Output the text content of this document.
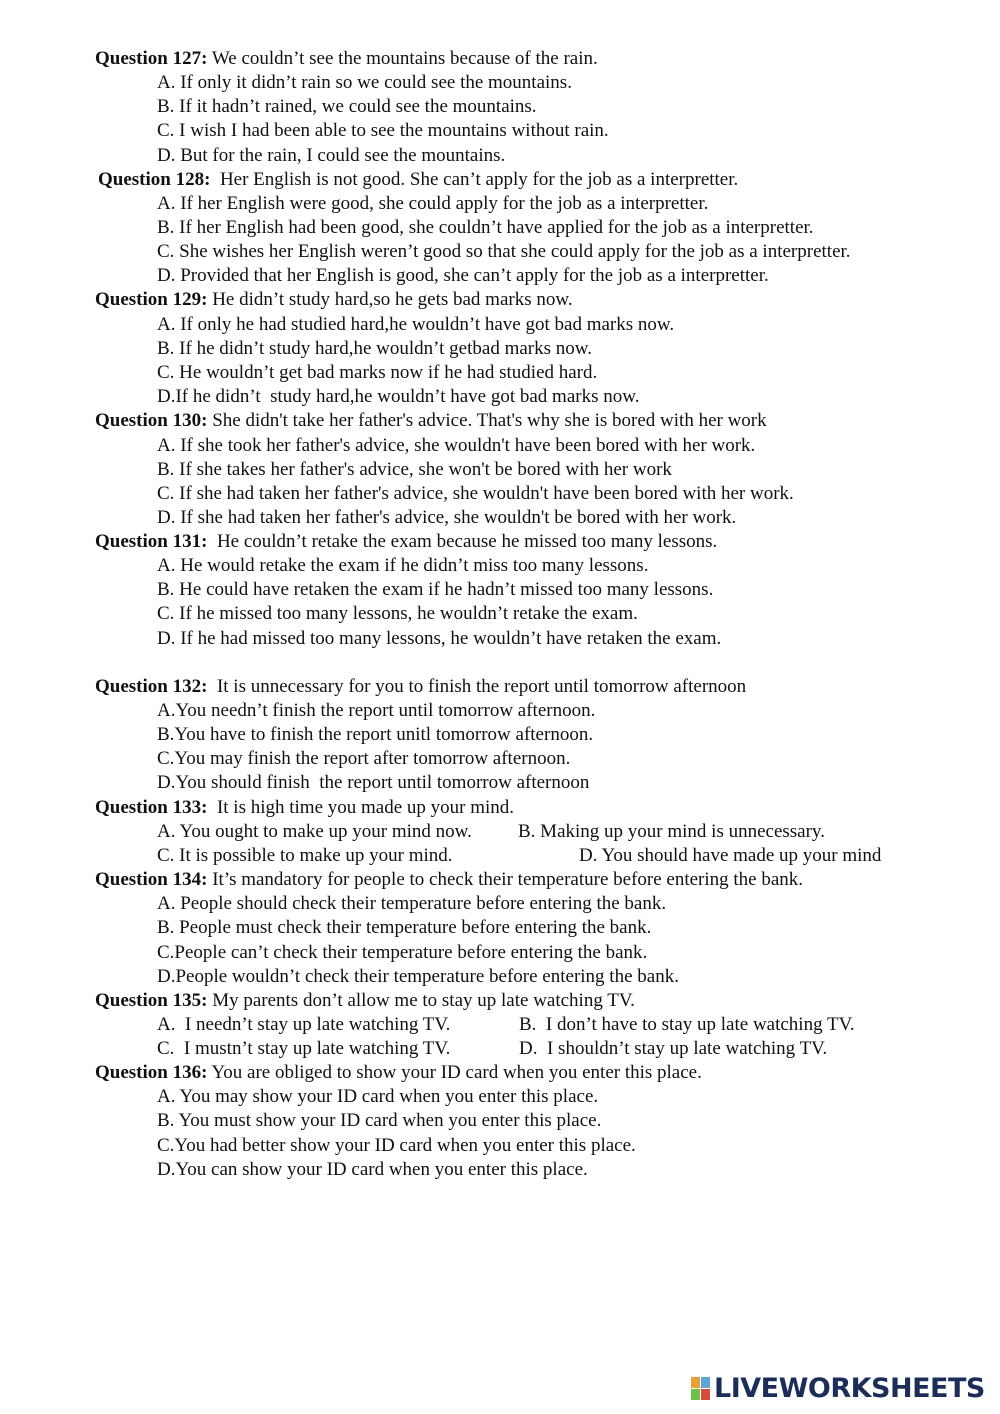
Question 127: We couldn’t see the mountains because of the rain.
A. If only it didn’t rain so we could see the mountains.
B. If it hadn’t rained, we could see the mountains.
C. I wish I had been able to see the mountains without rain.
D. But for the rain, I could see the mountains.
Question 128:  Her English is not good. She can’t apply for the job as a interpretter.
A. If her English were good, she could apply for the job as a interpretter.
B. If her English had been good, she couldn’t have applied for the job as a interpretter.
C. She wishes her English weren’t good so that she could apply for the job as a interpretter.
D. Provided that her English is good, she can’t apply for the job as a interpretter.
Question 129: He didn’t study hard,so he gets bad marks now.
A. If only he had studied hard,he wouldn’t have got bad marks now.
B. If he didn’t study hard,he wouldn’t getbad marks now.
C. He wouldn’t get bad marks now if he had studied hard.
D.If he didn’t  study hard,he wouldn’t have got bad marks now.
Question 130: She didn't take her father's advice. That's why she is bored with her work
A. If she took her father's advice, she wouldn't have been bored with her work.
B. If she takes her father's advice, she won't be bored with her work
C. If she had taken her father's advice, she wouldn't have been bored with her work.
D. If she had taken her father's advice, she wouldn't be bored with her work.
Question 131:  He couldn’t retake the exam because he missed too many lessons.
A. He would retake the exam if he didn’t miss too many lessons.
B. He could have retaken the exam if he hadn’t missed too many lessons.
C. If he missed too many lessons, he wouldn’t retake the exam.
D. If he had missed too many lessons, he wouldn’t have retaken the exam.
Question 132:  It is unnecessary for you to finish the report until tomorrow afternoon
A.You needn’t finish the report until tomorrow afternoon.
B.You have to finish the report unitl tomorrow afternoon.
C.You may finish the report after tomorrow afternoon.
D.You should finish  the report until tomorrow afternoon
Question 133:  It is high time you made up your mind.

A. You ought to make up your mind now.

B. Making up your mind is unnecessary.

C. It is possible to make up your mind.

	D. You should have made up your mind

Question 134: It’s mandatory for people to check their temperature before entering the bank.
A. People should check their temperature before entering the bank.
B. People must check their temperature before entering the bank.
C.People can’t check their temperature before entering the bank.
D.People wouldn’t check their temperature before entering the bank.
Question 135: My parents don’t allow me to stay up late watching TV.

A.  I needn’t stay up late watching TV.

	B.  I don’t have to stay up late watching TV.

C.  I mustn’t stay up late watching TV.

	D.  I shouldn’t stay up late watching TV.

Question 136: You are obliged to show your ID card when you enter this place.
A. You may show your ID card when you enter this place.
B. You must show your ID card when you enter this place.
C.You had better show your ID card when you enter this place.
D.You can show your ID card when you enter this place.
LIVEWORKSHEETS
